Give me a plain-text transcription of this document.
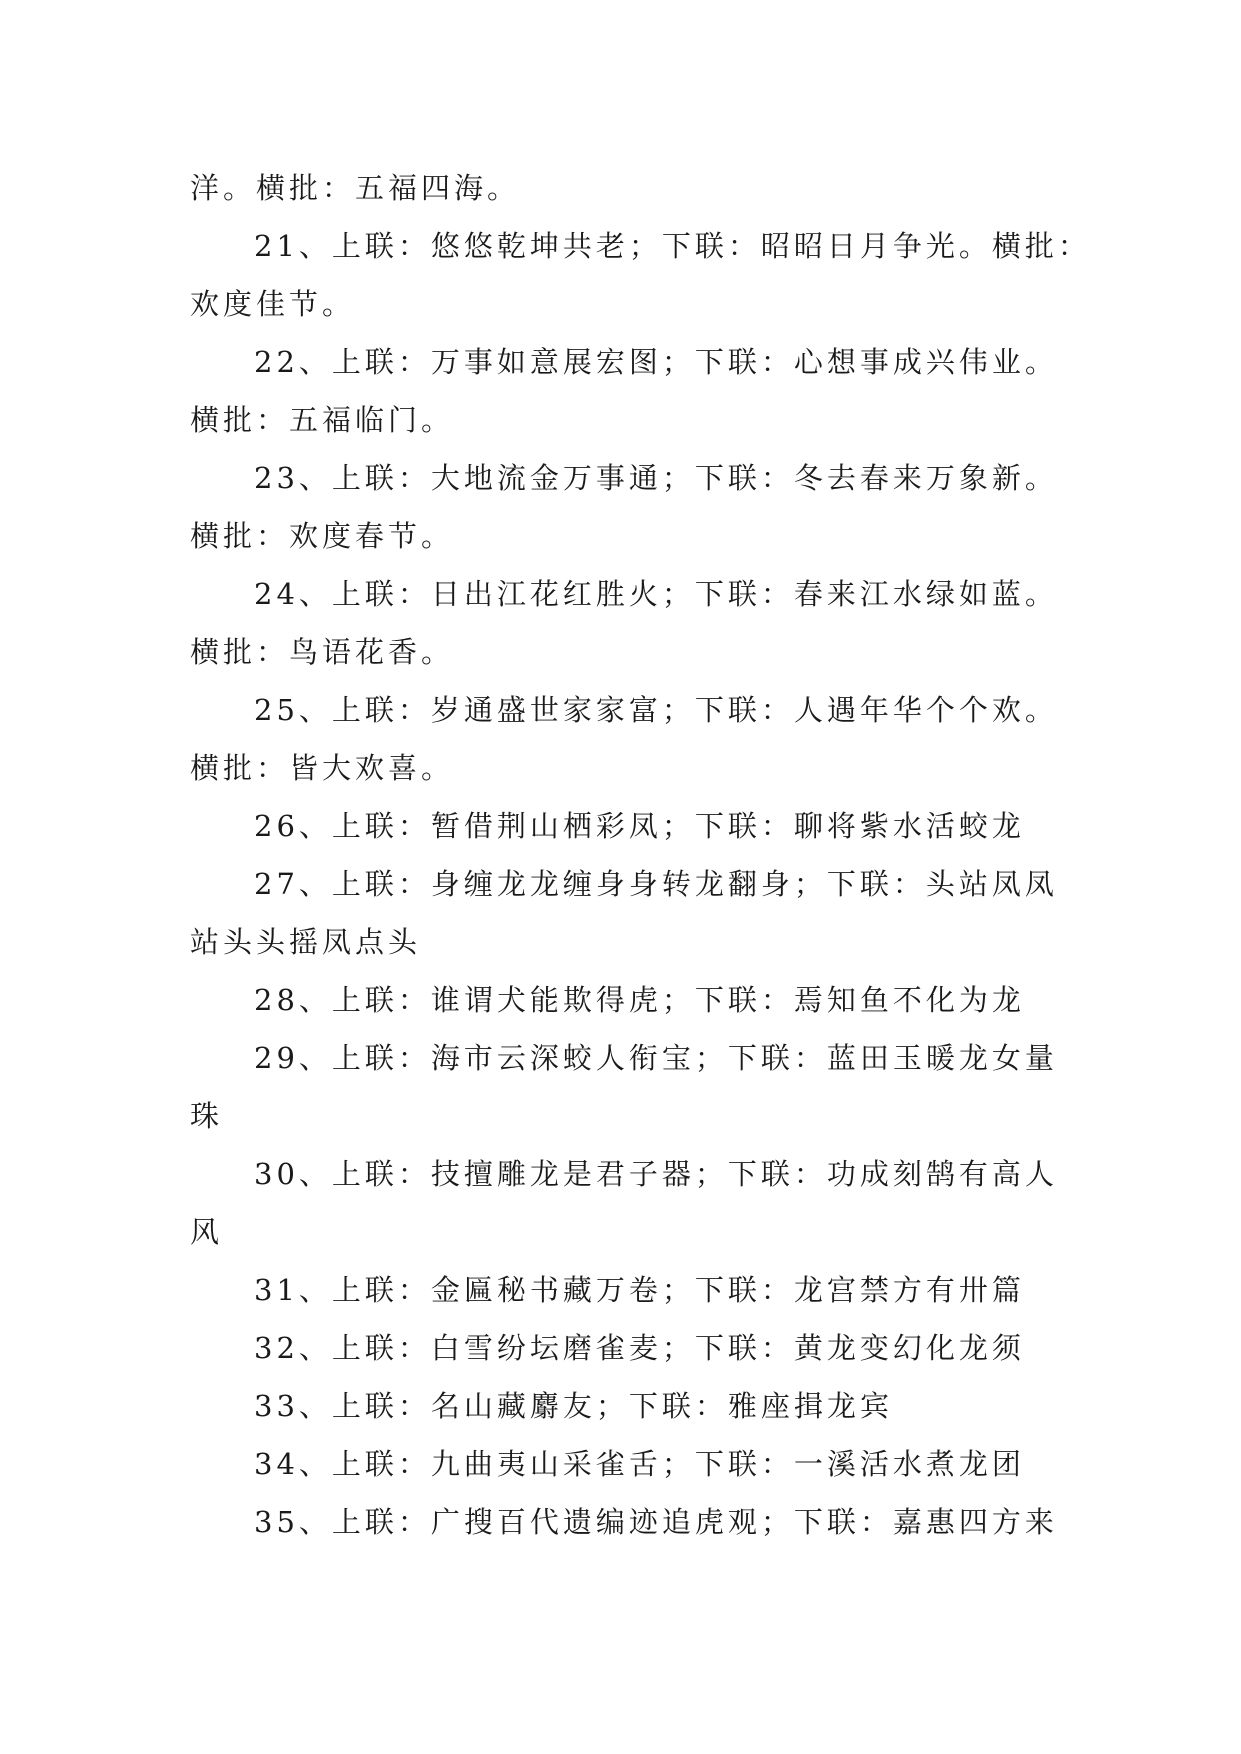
洋。横批：五福四海。
21、上联：悠悠乾坤共老；下联：昭昭日月争光。横批：
欢度佳节。
22、上联：万事如意展宏图；下联：心想事成兴伟业。
横批：五福临门。
23、上联：大地流金万事通；下联：冬去春来万象新。
横批：欢度春节。
24、上联：日出江花红胜火；下联：春来江水绿如蓝。
横批：鸟语花香。
25、上联：岁通盛世家家富；下联：人遇年华个个欢。
横批：皆大欢喜。
26、上联：暂借荆山栖彩凤；下联：聊将紫水活蛟龙
27、上联：身缠龙龙缠身身转龙翻身；下联：头站凤凤
站头头摇凤点头
28、上联：谁谓犬能欺得虎；下联：焉知鱼不化为龙
29、上联：海市云深蛟人衔宝；下联：蓝田玉暖龙女量
珠
30、上联：技擅雕龙是君子器；下联：功成刻鹄有高人
风
31、上联：金匾秘书藏万卷；下联：龙宫禁方有卅篇
32、上联：白雪纷坛磨雀麦；下联：黄龙变幻化龙须
33、上联：名山藏麝友；下联：雅座揖龙宾
34、上联：九曲夷山采雀舌；下联：一溪活水煮龙团
35、上联：广搜百代遗编迹追虎观；下联：嘉惠四方来
